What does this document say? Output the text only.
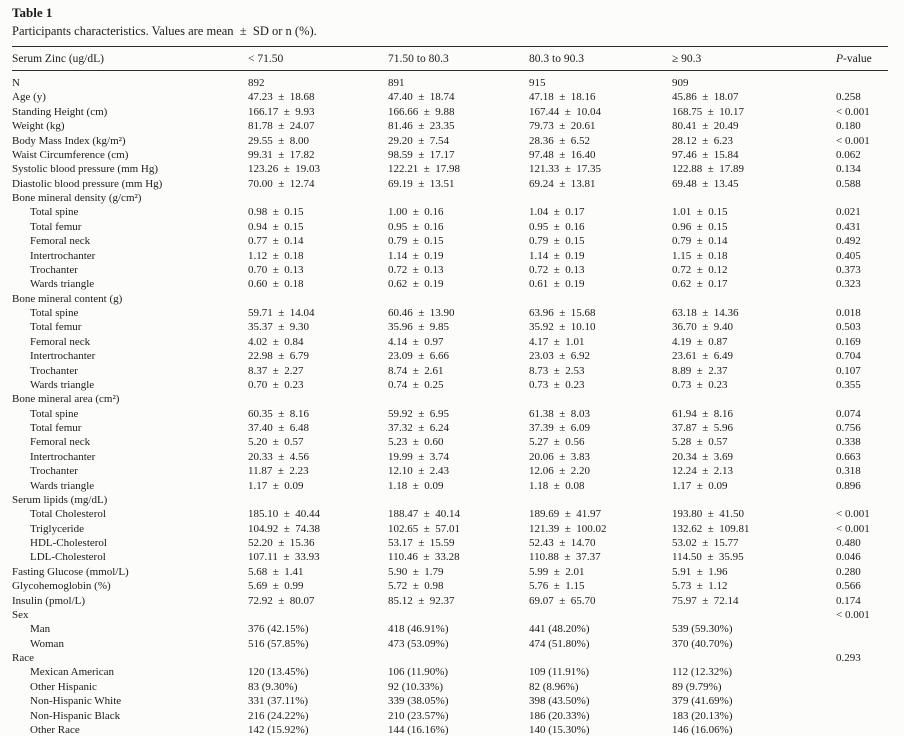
Table 1
Participants characteristics. Values are mean ± SD or n (%).
Serum Zinc (ug/dL)	< 71.50	71.50 to 80.3	80.3 to 90.3	≥ 90.3	P-value
N	892	891	915	909	
Age (y)	47.23 ± 18.68	47.40 ± 18.74	47.18 ± 18.16	45.86 ± 18.07	0.258
Standing Height (cm)	166.17 ± 9.93	166.66 ± 9.88	167.44 ± 10.04	168.75 ± 10.17	< 0.001
Weight (kg)	81.78 ± 24.07	81.46 ± 23.35	79.73 ± 20.61	80.41 ± 20.49	0.180
Body Mass Index (kg/m²)	29.55 ± 8.00	29.20 ± 7.54	28.36 ± 6.52	28.12 ± 6.23	< 0.001
Waist Circumference (cm)	99.31 ± 17.82	98.59 ± 17.17	97.48 ± 16.40	97.46 ± 15.84	0.062
Systolic blood pressure (mm Hg)	123.26 ± 19.03	122.21 ± 17.98	121.33 ± 17.35	122.88 ± 17.89	0.134
Diastolic blood pressure (mm Hg)	70.00 ± 12.74	69.19 ± 13.51	69.24 ± 13.81	69.48 ± 13.45	0.588
Bone mineral density (g/cm²)					
Total spine	0.98 ± 0.15	1.00 ± 0.16	1.04 ± 0.17	1.01 ± 0.15	0.021
Total femur	0.94 ± 0.15	0.95 ± 0.16	0.95 ± 0.16	0.96 ± 0.15	0.431
Femoral neck	0.77 ± 0.14	0.79 ± 0.15	0.79 ± 0.15	0.79 ± 0.14	0.492
Intertrochanter	1.12 ± 0.18	1.14 ± 0.19	1.14 ± 0.19	1.15 ± 0.18	0.405
Trochanter	0.70 ± 0.13	0.72 ± 0.13	0.72 ± 0.13	0.72 ± 0.12	0.373
Wards triangle	0.60 ± 0.18	0.62 ± 0.19	0.61 ± 0.19	0.62 ± 0.17	0.323
Bone mineral content (g)					
Total spine	59.71 ± 14.04	60.46 ± 13.90	63.96 ± 15.68	63.18 ± 14.36	0.018
Total femur	35.37 ± 9.30	35.96 ± 9.85	35.92 ± 10.10	36.70 ± 9.40	0.503
Femoral neck	4.02 ± 0.84	4.14 ± 0.97	4.17 ± 1.01	4.19 ± 0.87	0.169
Intertrochanter	22.98 ± 6.79	23.09 ± 6.66	23.03 ± 6.92	23.61 ± 6.49	0.704
Trochanter	8.37 ± 2.27	8.74 ± 2.61	8.73 ± 2.53	8.89 ± 2.37	0.107
Wards triangle	0.70 ± 0.23	0.74 ± 0.25	0.73 ± 0.23	0.73 ± 0.23	0.355
Bone mineral area (cm²)					
Total spine	60.35 ± 8.16	59.92 ± 6.95	61.38 ± 8.03	61.94 ± 8.16	0.074
Total femur	37.40 ± 6.48	37.32 ± 6.24	37.39 ± 6.09	37.87 ± 5.96	0.756
Femoral neck	5.20 ± 0.57	5.23 ± 0.60	5.27 ± 0.56	5.28 ± 0.57	0.338
Intertrochanter	20.33 ± 4.56	19.99 ± 3.74	20.06 ± 3.83	20.34 ± 3.69	0.663
Trochanter	11.87 ± 2.23	12.10 ± 2.43	12.06 ± 2.20	12.24 ± 2.13	0.318
Wards triangle	1.17 ± 0.09	1.18 ± 0.09	1.18 ± 0.08	1.17 ± 0.09	0.896
Serum lipids (mg/dL)					
Total Cholesterol	185.10 ± 40.44	188.47 ± 40.14	189.69 ± 41.97	193.80 ± 41.50	< 0.001
Triglyceride	104.92 ± 74.38	102.65 ± 57.01	121.39 ± 100.02	132.62 ± 109.81	< 0.001
HDL-Cholesterol	52.20 ± 15.36	53.17 ± 15.59	52.43 ± 14.70	53.02 ± 15.77	0.480
LDL-Cholesterol	107.11 ± 33.93	110.46 ± 33.28	110.88 ± 37.37	114.50 ± 35.95	0.046
Fasting Glucose (mmol/L)	5.68 ± 1.41	5.90 ± 1.79	5.99 ± 2.01	5.91 ± 1.96	0.280
Glycohemoglobin (%)	5.69 ± 0.99	5.72 ± 0.98	5.76 ± 1.15	5.73 ± 1.12	0.566
Insulin (pmol/L)	72.92 ± 80.07	85.12 ± 92.37	69.07 ± 65.70	75.97 ± 72.14	0.174
Sex					< 0.001
Man	376 (42.15%)	418 (46.91%)	441 (48.20%)	539 (59.30%)	
Woman	516 (57.85%)	473 (53.09%)	474 (51.80%)	370 (40.70%)	
Race					0.293
Mexican American	120 (13.45%)	106 (11.90%)	109 (11.91%)	112 (12.32%)	
Other Hispanic	83 (9.30%)	92 (10.33%)	82 (8.96%)	89 (9.79%)	
Non-Hispanic White	331 (37.11%)	339 (38.05%)	398 (43.50%)	379 (41.69%)	
Non-Hispanic Black	216 (24.22%)	210 (23.57%)	186 (20.33%)	183 (20.13%)	
Other Race	142 (15.92%)	144 (16.16%)	140 (15.30%)	146 (16.06%)	
